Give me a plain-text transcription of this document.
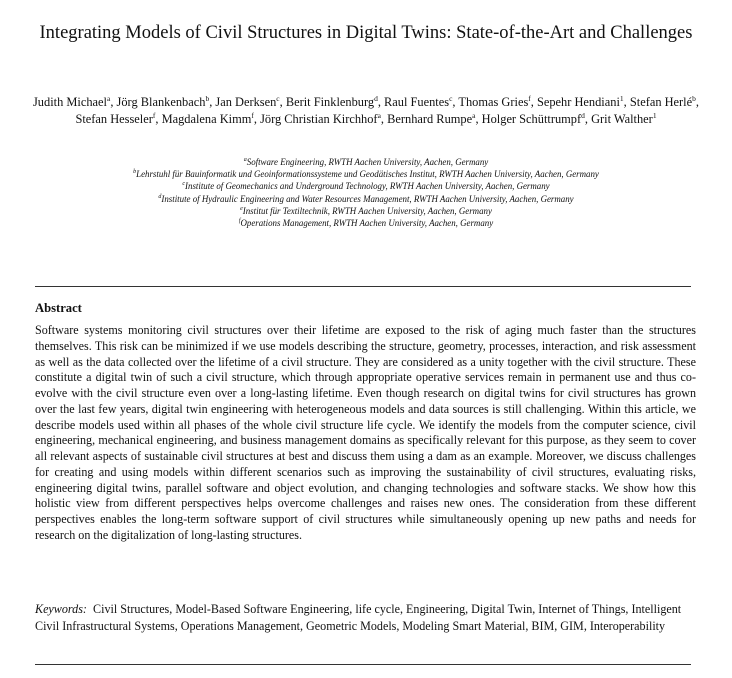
Integrating Models of Civil Structures in Digital Twins: State-of-the-Art and Challenges
Judith Michael$^a$, Jörg Blankenbach$^b$, Jan Derksen$^c$, Berit Finklenburg$^d$, Raul Fuentes$^c$, Thomas Gries$^f$, Sepehr Hendiani$^1$, Stefan Herlé$^b$, Stefan Hesseler$^f$, Magdalena Kimm$^f$, Jörg Christian Kirchhof$^a$, Bernhard Rumpe$^a$, Holger Schüttrumpf$^d$, Grit Walther$^1$
$^a$Software Engineering, RWTH Aachen University, Aachen, Germany
$^b$Lehrstuhl für Bauinformatik und Geoinformationssysteme und Geodätisches Institut, RWTH Aachen University, Aachen, Germany
$^c$Institute of Geomechanics and Underground Technology, RWTH Aachen University, Aachen, Germany
$^d$Institute of Hydraulic Engineering and Water Resources Management, RWTH Aachen University, Aachen, Germany
$^e$Institut für Textiltechnik, RWTH Aachen University, Aachen, Germany
$^f$Operations Management, RWTH Aachen University, Aachen, Germany
Abstract

Software systems monitoring civil structures over their lifetime are exposed to the risk of aging much faster than the structures themselves. This risk can be minimized if we use models describing the structure, geometry, processes, interaction, and risk assessment as well as the data collected over the lifetime of a civil structure. They are considered as a unity together with the civil structure. These constitute a digital twin of such a civil structure, which through appropriate operative services remain in permanent use and thus co-evolve with the civil structure even over a long-lasting lifetime. Even though research on digital twins for civil structures has grown over the last few years, digital twin engineering with heterogeneous models and data sources is still challenging. Within this article, we describe models used within all phases of the whole civil structure life cycle. We identify the models from the computer science, civil engineering, mechanical engineering, and business management domains as specifically relevant for this purpose, as they seem to cover all relevant aspects of sustainable civil structures at best and discuss them using a dam as an example. Moreover, we discuss challenges for creating and using models within different scenarios such as improving the sustainability of civil structures, evaluating risks, engineering digital twins, parallel software and object evolution, and changing technologies and software stacks. We show how this holistic view from different perspectives helps overcome challenges and raises new ones. The consideration from these different perspectives enables the long-term software support of civil structures while simultaneously opening up new paths and needs for research on the digitalization of long-lasting structures.

Keywords: Civil Structures, Model-Based Software Engineering, life cycle, Engineering, Digital Twin, Internet of Things, Intelligent Civil Infrastructural Systems, Operations Management, Geometric Models, Modeling Smart Material, BIM, GIM, Interoperability
